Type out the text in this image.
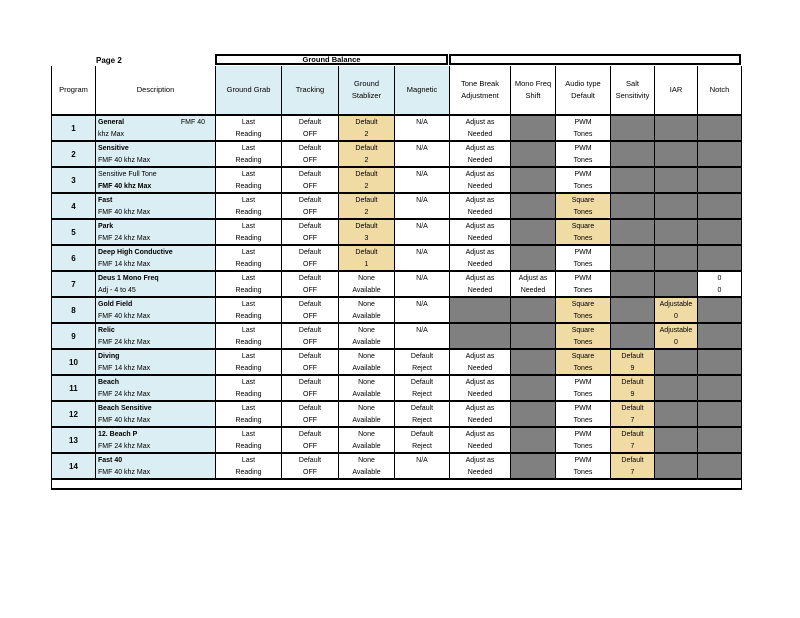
Page 2	Ground Balance
Program	Description	Ground Grab	Tracking	Ground Stablizer	Magnetic	Tone Break Adjustment	Mono Freq Shift	Audio type Default	Salt Sensitivity	IAR	Notch
1	General FMF 40	Last	Default	Default	N/A	Adjust as		PWM			
	khz Max	Reading	OFF	2		Needed		Tones			
2	Sensitive	Last	Default	Default	N/A	Adjust as		PWM			
	FMF 40 khz Max	Reading	OFF	2		Needed		Tones			
3	Sensitive Full Tone	Last	Default	Default	N/A	Adjust as		PWM			
	FMF 40 khz Max	Reading	OFF	2		Needed		Tones			
4	Fast	Last	Default	Default	N/A	Adjust as		Square			
	FMF 40 khz Max	Reading	OFF	2		Needed		Tones			
5	Park	Last	Default	Default	N/A	Adjust as		Square			
	FMF 24 khz Max	Reading	OFF	3		Needed		Tones			
6	Deep High Conductive	Last	Default	Default	N/A	Adjust as		PWM			
	FMF 14 khz Max	Reading	OFF	1		Needed		Tones			
7	Deus 1 Mono Freq	Last	Default	None	N/A	Adjust as	Adjust as	PWM			0
	Adj - 4 to 45	Reading	OFF	Available		Needed	Needed	Tones			0
8	Gold Field	Last	Default	None	N/A			Square		Adjustable	
	FMF 40 khz Max	Reading	OFF	Available				Tones		0	
9	Relic	Last	Default	None	N/A			Square		Adjustable	
	FMF 24 khz Max	Reading	OFF	Available				Tones		0	
10	Diving	Last	Default	None	Default	Adjust as		Square	Default		
	FMF 14 khz Max	Reading	OFF	Available	Reject	Needed		Tones	9		
11	Beach	Last	Default	None	Default	Adjust as		PWM	Default		
	FMF 24 khz Max	Reading	OFF	Available	Reject	Needed		Tones	9		
12	Beach Sensitive	Last	Default	None	Default	Adjust as		PWM	Default		
	FMF 40 khz Max	Reading	OFF	Available	Reject	Needed		Tones	7		
13	12. Beach P	Last	Default	None	Default	Adjust as		PWM	Default		
	FMF 24 khz Max	Reading	OFF	Available	Reject	Needed		Tones	7		
14	Fast 40	Last	Default	None	N/A	Adjust as		PWM	Default		
	FMF 40 khz Max	Reading	OFF	Available		Needed		Tones	7		
